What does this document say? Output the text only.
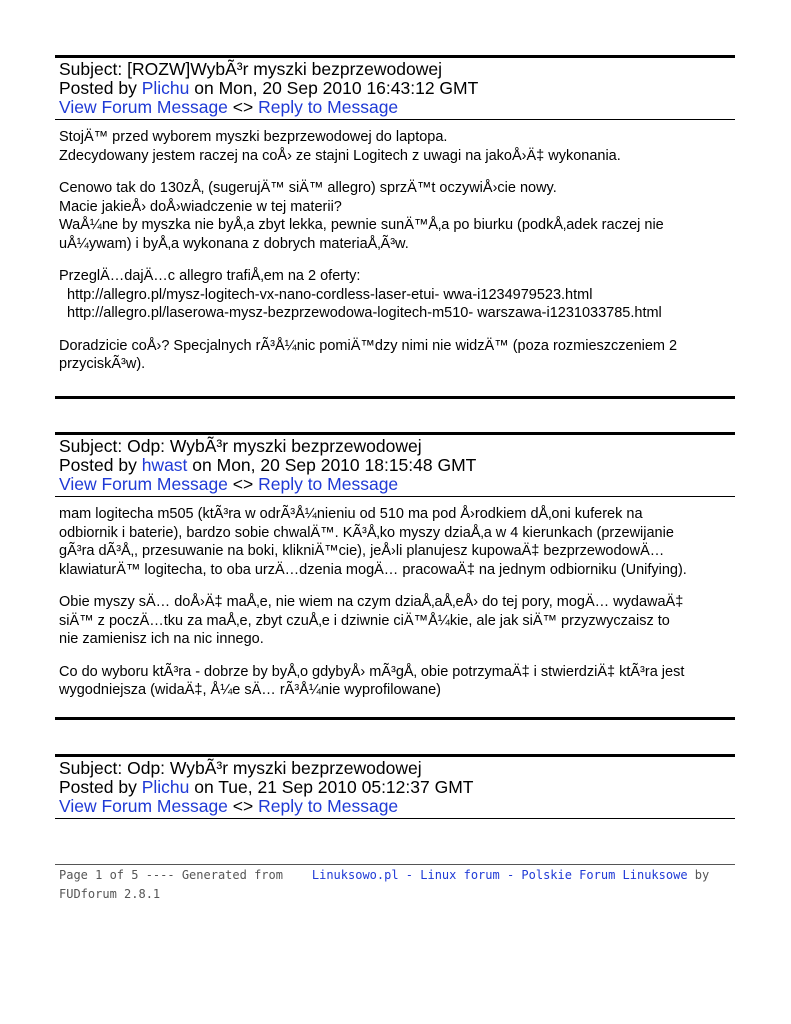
Subject: [ROZW]WybÃ³r myszki bezprzewodowej
Posted by Plichu on Mon, 20 Sep 2010 16:43:12 GMT
View Forum Message <> Reply to Message

StojÄ™ przed wyborem myszki bezprzewodowej do laptopa.
Zdecydowany jestem raczej na coÅ› ze stajni Logitech z uwagi na jakoÅ›Ä‡ wykonania.

Cenowo tak do 130zÅ‚ (sugerujÄ™ siÄ™ allegro) sprzÄ™t oczywiÅ›cie nowy.
Macie jakieÅ› doÅ›wiadczenie w tej materii?
WaÅ¼ne by myszka nie byÅ‚a zbyt lekka, pewnie sunÄ™Å‚a po biurku (podkÅ‚adek raczej nie
uÅ¼ywam) i byÅ‚a wykonana z dobrych materiaÅ‚Ã³w.

PrzeglÄ…dajÄ…c allegro trafiÅ‚em na 2 oferty:
http://allegro.pl/mysz-logitech-vx-nano-cordless-laser-etui- wwa-i1234979523.html
http://allegro.pl/laserowa-mysz-bezprzewodowa-logitech-m510- warszawa-i1231033785.html

Doradzicie coÅ›? Specjalnych rÃ³Å¼nic pomiÄ™dzy nimi nie widzÄ™ (poza rozmieszczeniem 2
przyciskÃ³w).

Subject: Odp: WybÃ³r myszki bezprzewodowej
Posted by hwast on Mon, 20 Sep 2010 18:15:48 GMT
View Forum Message <> Reply to Message

mam logitecha m505 (ktÃ³ra w odrÃ³Å¼nieniu od 510 ma pod Å›rodkiem dÅ‚oni kuferek na
odbiornik i baterie), bardzo sobie chwalÄ™. KÃ³Å‚ko myszy dziaÅ‚a w 4 kierunkach (przewijanie
gÃ³ra dÃ³Å‚, przesuwanie na boki, klikniÄ™cie), jeÅ›li planujesz kupowaÄ‡ bezprzewodowÄ…
klawiaturÄ™ logitecha, to oba urzÄ…dzenia mogÄ… pracowaÄ‡ na jednym odbiorniku (Unifying).

Obie myszy sÄ… doÅ›Ä‡ maÅ‚e, nie wiem na czym dziaÅ‚aÅ‚eÅ› do tej pory, mogÄ… wydawaÄ‡
siÄ™ z poczÄ…tku za maÅ‚e, zbyt czuÅ‚e i dziwnie ciÄ™Å¼kie, ale jak siÄ™ przyzwyczaisz to
nie zamienisz ich na nic innego.

Co do wyboru ktÃ³ra - dobrze by byÅ‚o gdybyÅ› mÃ³gÅ‚ obie potrzymaÄ‡ i stwierdziÄ‡ ktÃ³ra jest
wygodniejsza (widaÄ‡, Å¼e sÄ… rÃ³Å¼nie wyprofilowane)

Subject: Odp: WybÃ³r myszki bezprzewodowej
Posted by Plichu on Tue, 21 Sep 2010 05:12:37 GMT
View Forum Message <> Reply to Message
Page 1 of 5 ---- Generated from    Linuksowo.pl - Linux forum - Polskie Forum Linuksowe by FUDforum 2.8.1
